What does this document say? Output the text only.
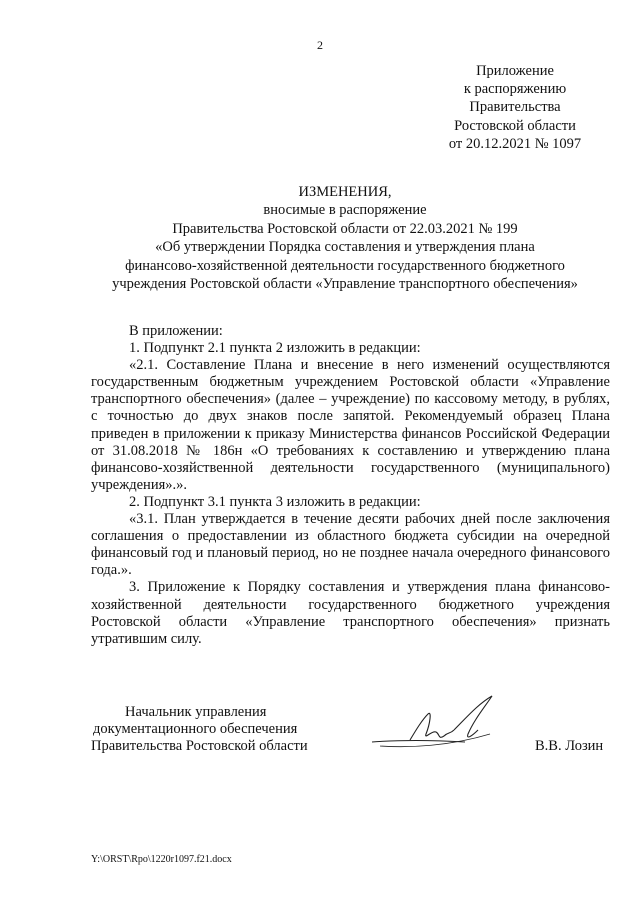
2
Приложение
к распоряжению
Правительства
Ростовской области
от 20.12.2021 № 1097
ИЗМЕНЕНИЯ,
вносимые в распоряжение
Правительства Ростовской области от 22.03.2021 № 199
«Об утверждении Порядка составления и утверждения плана
финансово-хозяйственной деятельности государственного бюджетного
учреждения Ростовской области «Управление транспортного обеспечения»

В приложении:

1. Подпункт 2.1 пункта 2 изложить в редакции:

«2.1. Составление Плана и внесение в него изменений осуществляются государственным бюджетным учреждением Ростовской области «Управление транспортного обеспечения» (далее – учреждение) по кассовому методу, в рублях, с точностью до двух знаков после запятой. Рекомендуемый образец Плана приведен в приложении к приказу Министерства финансов Российской Федерации от 31.08.2018 № 186н «О требованиях к составлению и утверждению плана финансово-хозяйственной деятельности государственного (муниципального) учреждения».».

2. Подпункт 3.1 пункта 3 изложить в редакции:

«3.1. План утверждается в течение десяти рабочих дней после заключения соглашения о предоставлении из областного бюджета субсидии на очередной финансовый год и плановый период, но не позднее начала очередного финансового года.».

3. Приложение к Порядку составления и утверждения плана финансово-хозяйственной деятельности государственного бюджетного учреждения Ростовской области «Управление транспортного обеспечения» признать утратившим силу.

Начальник управления
документационного обеспечения
Правительства Ростовской области	В.В. Лозин
Y:\ORST\Rpo\1220r1097.f21.docx
